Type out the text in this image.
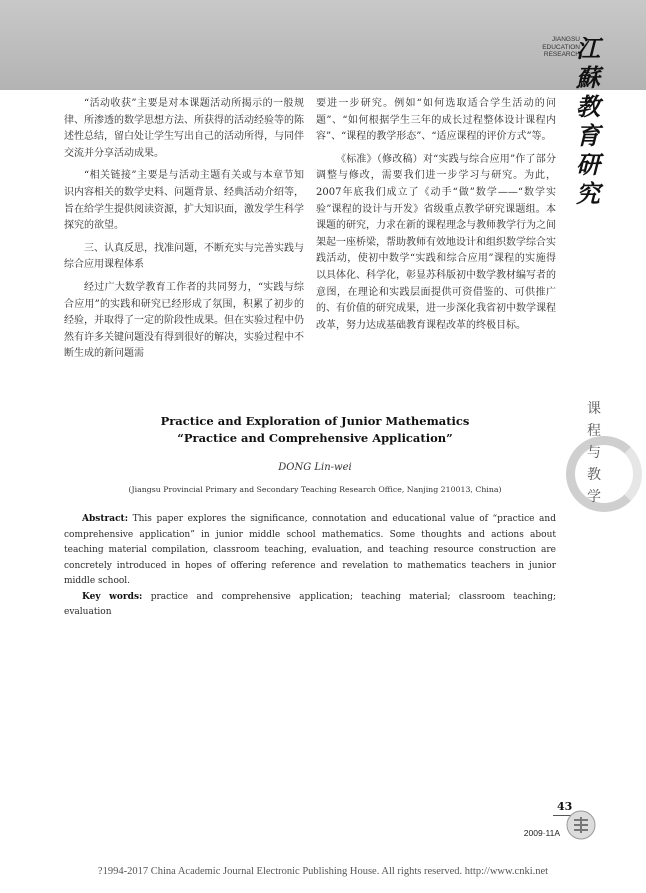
JIANGSU
EDUCATION
RESEARCH
江
蘇
教
育
研
究

“活动收获”主要是对本课题活动所揭示的一般规律、所渗透的数学思想方法、所获得的活动经验等的陈述性总结，留白处让学生写出自己的活动所得，与同伴交流并分享活动成果。

“相关链接”主要是与活动主题有关或与本章节知识内容相关的数学史料、问题背景、经典活动介绍等，旨在给学生提供阅读资源，扩大知识面，激发学生科学探究的欲望。

三、认真反思，找准问题，不断充实与完善实践与综合应用课程体系

经过广大数学教育工作者的共同努力，“实践与综合应用”的实践和研究已经形成了氛围，积累了初步的经验，并取得了一定的阶段性成果。但在实验过程中仍然有许多关键问题没有得到很好的解决，实验过程中不断生成的新问题需

要进一步研究。例如“如何选取适合学生活动的问题”、“如何根据学生三年的成长过程整体设计课程内容”、“课程的教学形态”、“适应课程的评价方式”等。

《标准》（修改稿）对“实践与综合应用”作了部分调整与修改，需要我们进一步学习与研究。为此，2007年底我们成立了《动手“做”数学——“数学实验”课程的设计与开发》省级重点教学研究课题组。本课题的研究，力求在新的课程理念与教师教学行为之间架起一座桥梁，帮助教师有效地设计和组织数学综合实践活动，使初中数学“实践和综合应用”课程的实施得以具体化、科学化，彰显苏科版初中数学教材编写者的意图，在理论和实践层面提供可资借鉴的、可供推广的、有价值的研究成果，进一步深化我省初中数学课程改革，努力达成基础教育课程改革的终极目标。

课
程
与
教
学
Practice and Exploration of Junior Mathematics
“Practice and Comprehensive Application”
DONG Lin-wei
(Jiangsu Provincial Primary and Secondary Teaching Research Office, Nanjing 210013, China)

Abstract: This paper explores the significance, connotation and educational value of “practice and comprehensive application” in junior middle school mathematics. Some thoughts and actions about teaching material compilation, classroom teaching, evaluation, and teaching resource construction are concretely introduced in hopes of offering reference and revelation to mathematics teachers in junior middle school.

Key words: practice and comprehensive application; teaching material; classroom teaching; evaluation

43
2009·11A
?1994-2017 China Academic Journal Electronic Publishing House. All rights reserved. http://www.cnki.net
